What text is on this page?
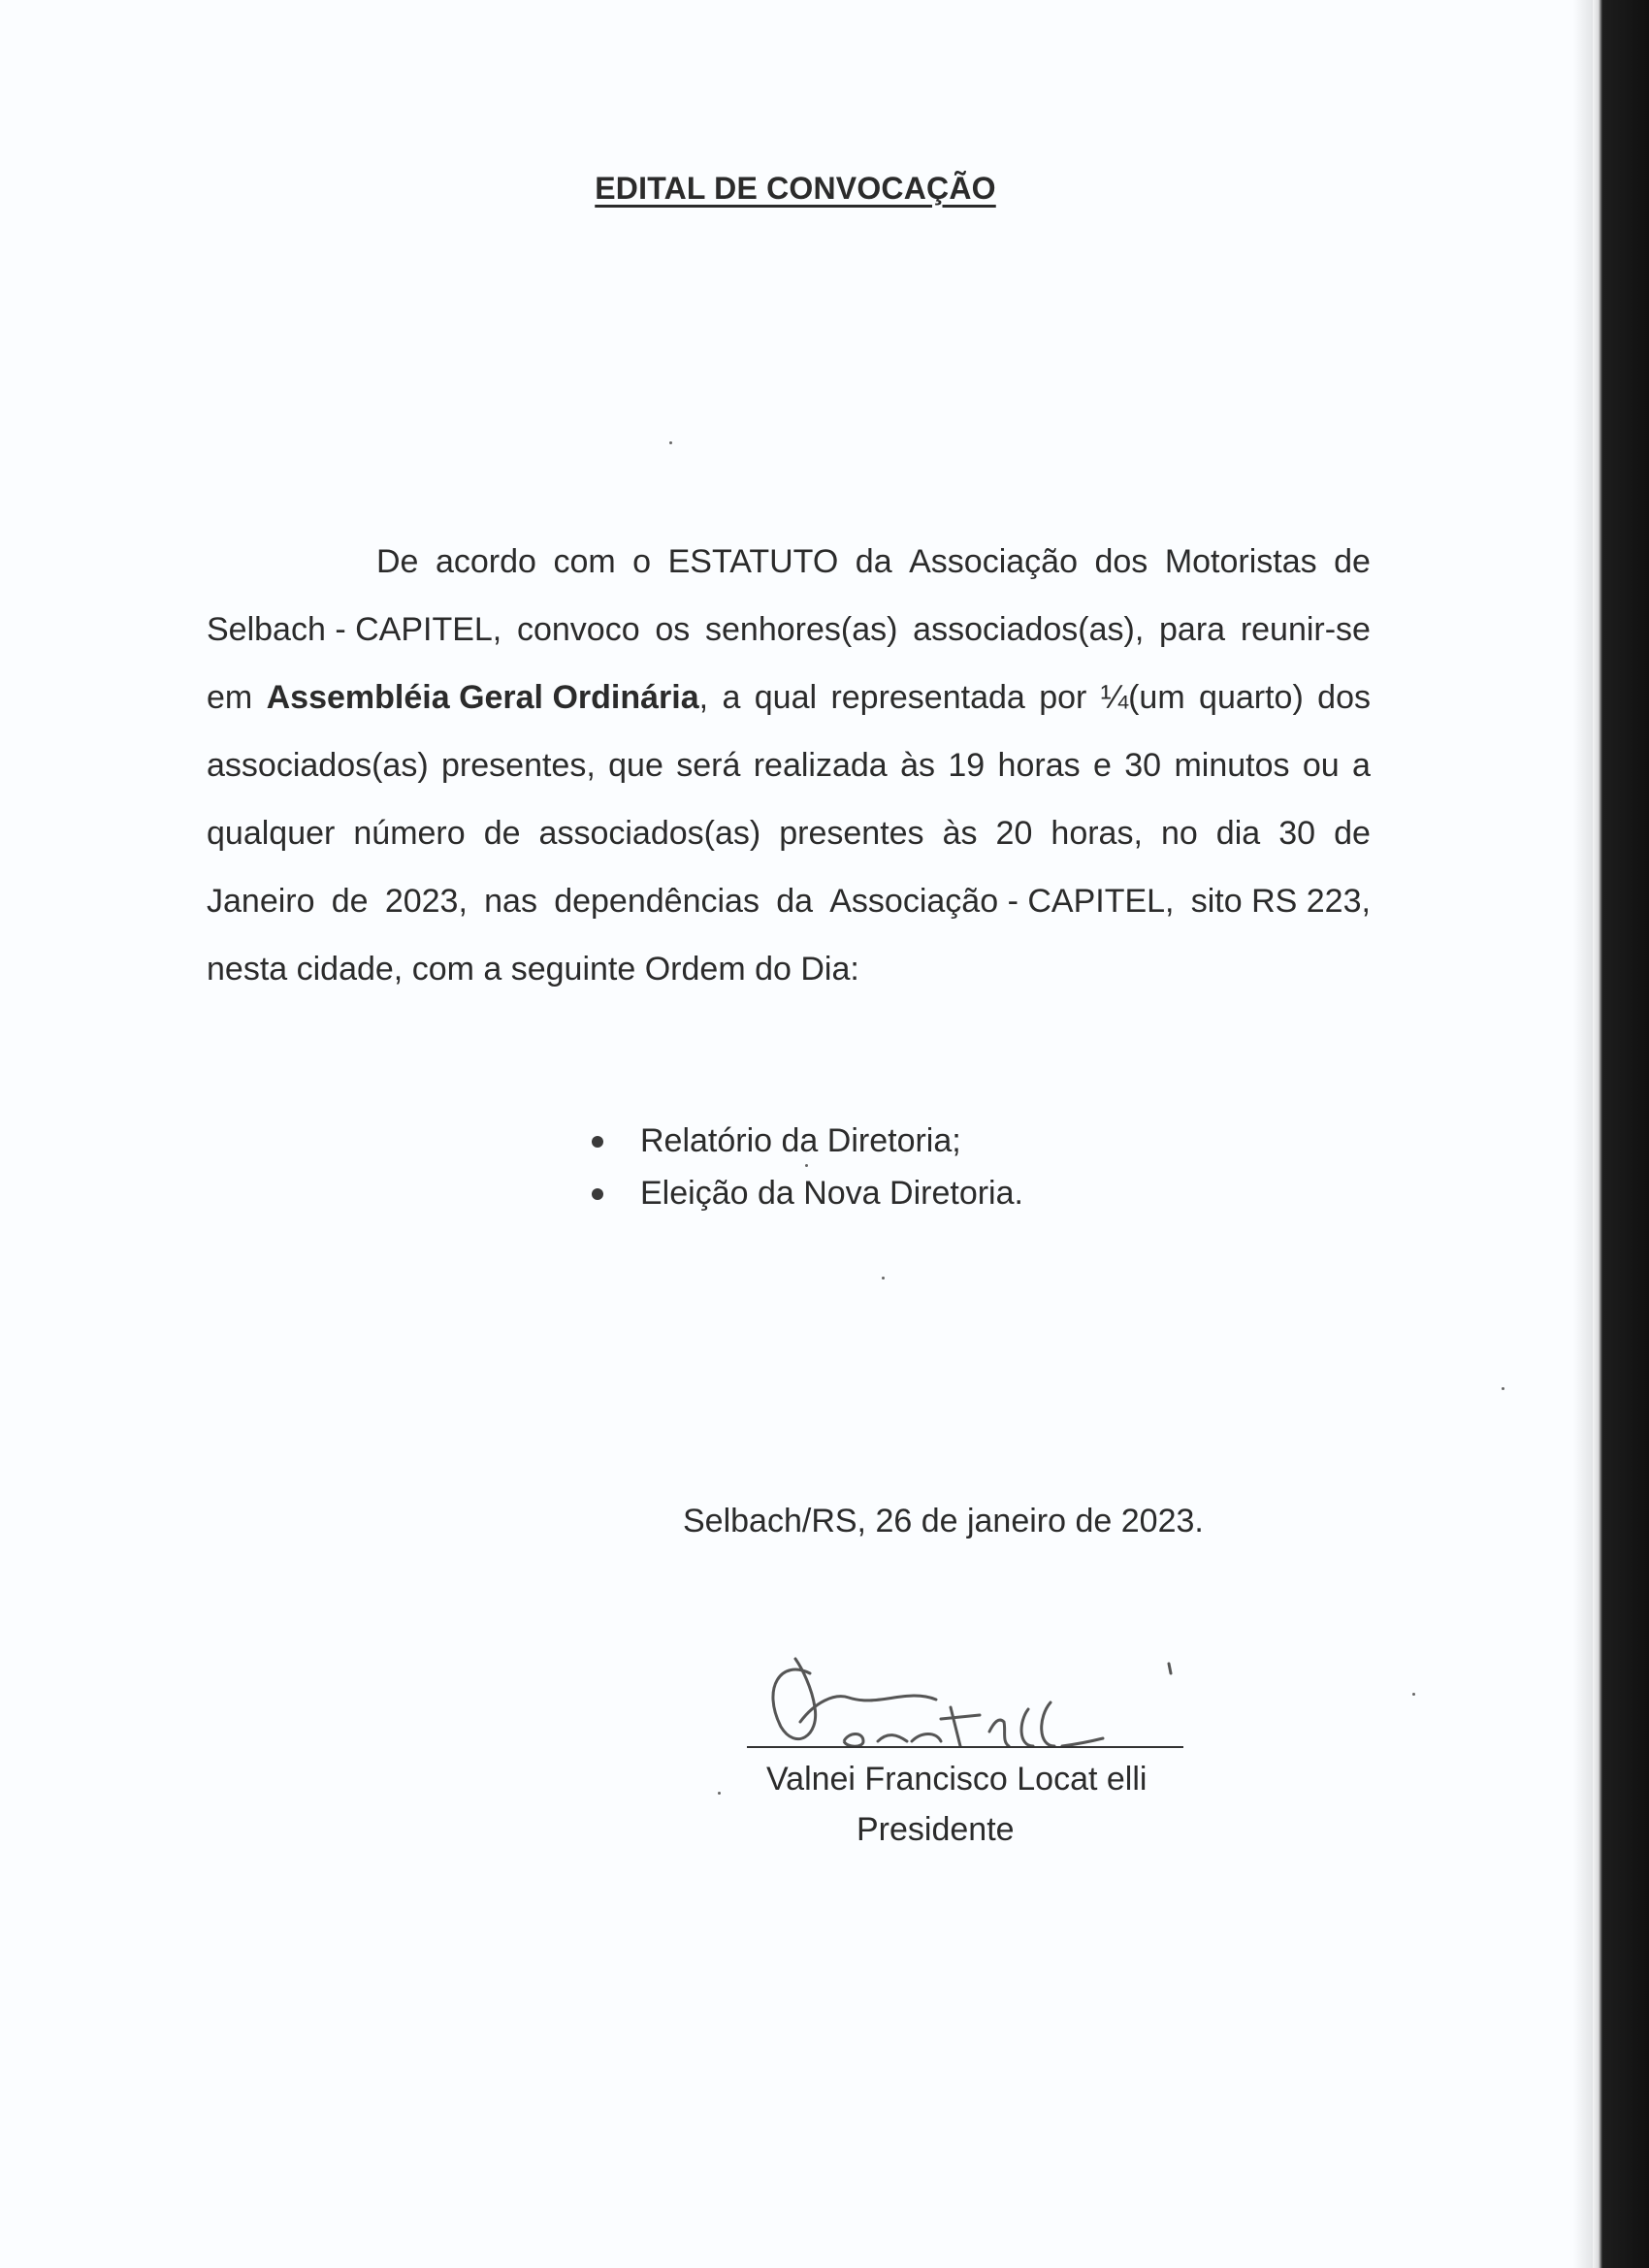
EDITAL DE CONVOCAÇÃO
De acordo com o ESTATUTO da Associação dos Motoristas de
Selbach - CAPITEL, convoco os senhores(as) associados(as), para reunir-se
em Assembléia Geral Ordinária, a qual representada por ¼(um quarto) dos
associados(as) presentes, que será realizada às 19 horas e 30 minutos ou a
qualquer número de associados(as) presentes às 20 horas, no dia 30 de
Janeiro de 2023, nas dependências da Associação - CAPITEL, sito RS 223,
nesta cidade, com a seguinte Ordem do Dia:
Relatório da Diretoria;
Eleição da Nova Diretoria.
Selbach/RS, 26 de janeiro de 2023.
Valnei Francisco Locat elli
Presidente
